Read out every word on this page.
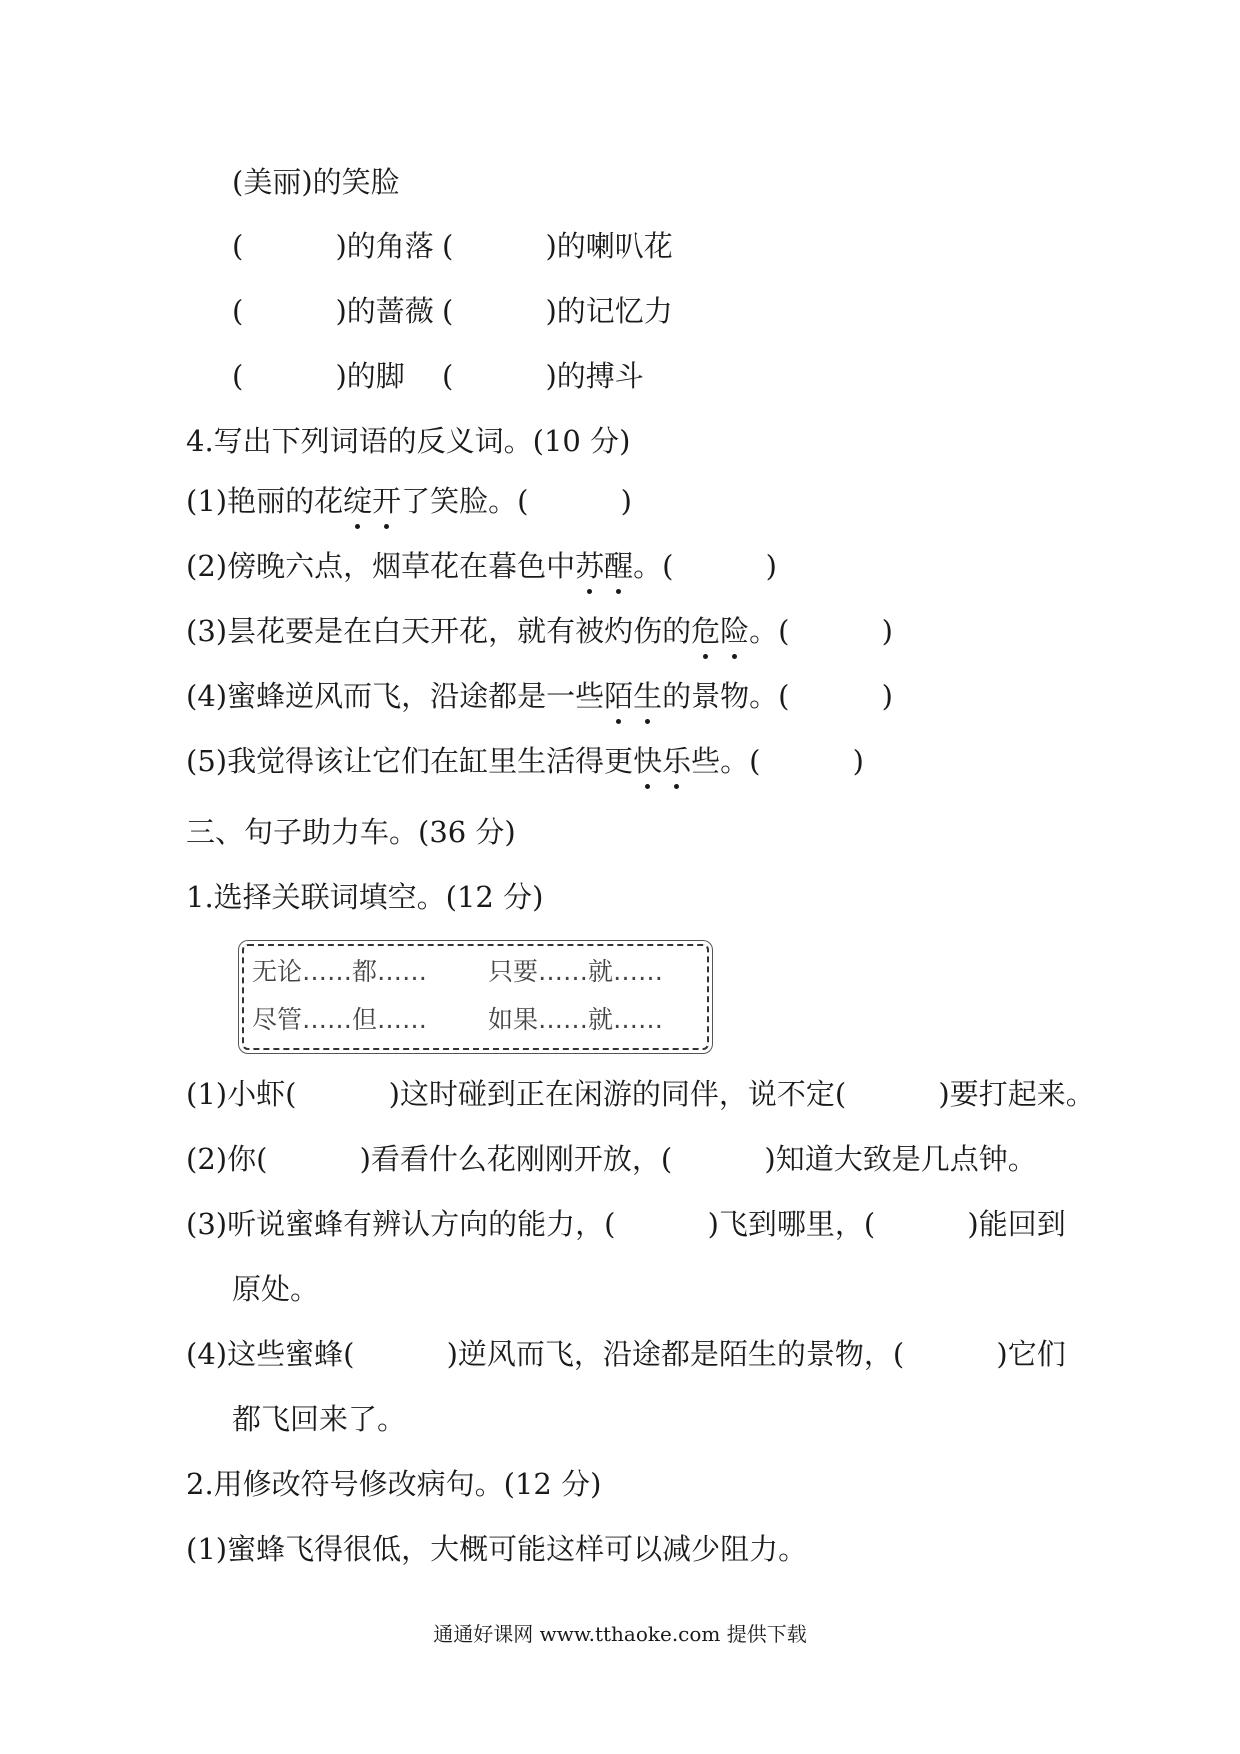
(美丽)的笑脸
(          )的角落 (          )的喇叭花
(          )的蔷薇 (          )的记忆力
(          )的脚 (          )的搏斗
4.写出下列词语的反义词。(10 分)
(1)艳丽的花绽开了笑脸。(          )
(2)傍晚六点，烟草花在暮色中苏醒。(          )
(3)昙花要是在白天开花，就有被灼伤的危险。(          )
(4)蜜蜂逆风而飞，沿途都是一些陌生的景物。(          )
(5)我觉得该让它们在缸里生活得更快乐些。(          )
三、句子助力车。(36 分)
1.选择关联词填空。(12 分)
无论……都…… 只要……就……
尽管……但…… 如果……就……
(1)小虾(          )这时碰到正在闲游的同伴，说不定(          )要打起来。
(2)你(          )看看什么花刚刚开放，(          )知道大致是几点钟。
(3)听说蜜蜂有辨认方向的能力，(          )飞到哪里，(          )能回到
原处。
(4)这些蜜蜂(          )逆风而飞，沿途都是陌生的景物，(          )它们
都飞回来了。
2.用修改符号修改病句。(12 分)
(1)蜜蜂飞得很低，大概可能这样可以减少阻力。
通通好课网 www.tthaoke.com 提供下载
